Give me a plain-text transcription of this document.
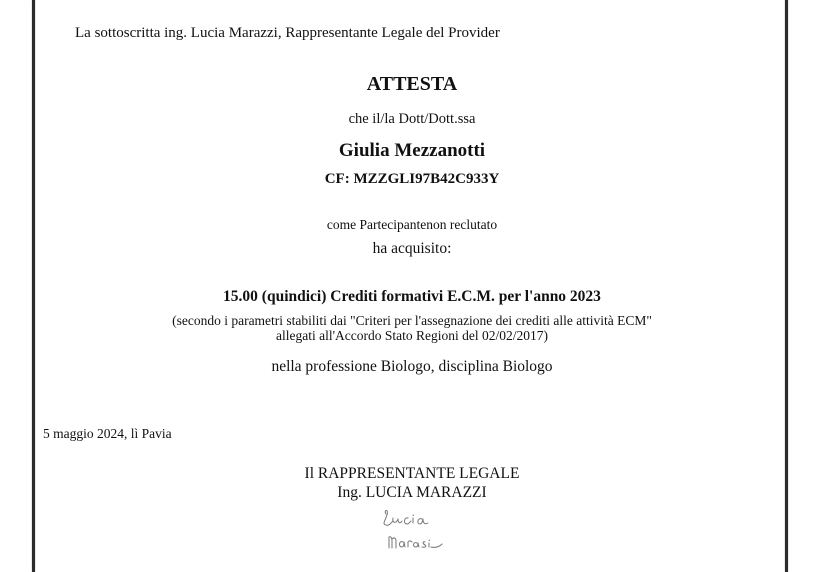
La sottoscritta ing. Lucia Marazzi, Rappresentante Legale del Provider
ATTESTA
che il/la Dott/Dott.ssa
Giulia Mezzanotti
CF: MZZGLI97B42C933Y
come Partecipantenon reclutato
ha acquisito:
15.00 (quindici) Crediti formativi E.C.M. per l'anno 2023
(secondo i parametri stabiliti dai "Criteri per l'assegnazione dei crediti alle attività ECM"
allegati all'Accordo Stato Regioni del 02/02/2017)
nella professione Biologo, disciplina Biologo
5 maggio 2024, lì Pavia
Il RAPPRESENTANTE LEGALE
Ing. LUCIA MARAZZI
